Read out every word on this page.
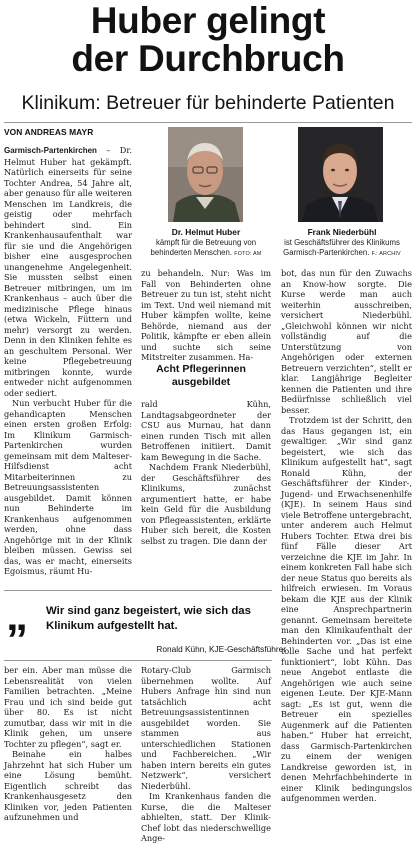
Huber gelingt
der Durchbruch
Klinikum: Betreuer für behinderte Patienten
VON ANDREAS MAYR

Garmisch-Partenkirchen – Dr. Helmut Huber hat gekämpft. Natürlich einerseits für seine Tochter Andrea, 54 Jahre alt, aber genauso für alle weiteren Menschen im Landkreis, die geistig oder mehrfach behindert sind. Ein Krankenhausaufenthalt war für sie und die Angehörigen bisher eine ausgesprochen unangenehme Angelegenheit. Sie mussten selbst einen Betreuer mitbringen, um im Krankenhaus – auch über die medizinische Pflege hinaus (etwa Wickeln, Füttern und mehr) versorgt zu werden. Denn in den Kliniken fehlte es an geschultem Personal. Wer keine Pflegebetreuung mitbringen konnte, wurde entweder nicht aufgenommen oder sediert.

Nun verbucht Huber für die gehandicapten Menschen einen ersten großen Erfolg: Im Klinikum Garmisch-Partenkirchen wurden gemeinsam mit dem Malteser-Hilfsdienst acht Mitarbeiterinnen zu Betreuungsassistenten ausgebildet. Damit können nun Behinderte im Krankenhaus aufgenommen werden, ohne dass Angehörige mit in der Klinik bleiben müssen. Gewiss sei das, was er macht, einerseits Egoismus, räumt Hu-

Dr. Helmut Huber
kämpft für die Betreuung von
behinderten Menschen. FOTO: AM
Frank Niederbühl
ist Geschäftsführer des Klinikums
Garmisch-Partenkirchen. F.: ARCHIV

zu behandeln. Nur: Was im Fall von Behinderten ohne Betreuer zu tun ist, steht nicht im Text. Und weil niemand mit Huber kämpfen wollte, keine Behörde, niemand aus der Politik, kämpfte er eben allein und suchte sich seine Mitstreiter zusammen. Ha-

Acht Pflegerinnen ausgebildet

rald Kühn, Landtagsabgeordneter der CSU aus Murnau, hat dann einen runden Tisch mit allen Betroffenen initiiert. Damit kam Bewegung in die Sache.

Nachdem Frank Niederbühl, der Geschäftsführer des Klinikums, zunächst argumentiert hatte, er habe kein Geld für die Ausbildung von Pflegeassistenten, erklärte Huber sich bereit, die Kosten selbst zu tragen. Die dann der

bot, das nun für den Zuwachs an Know-how sorgte. Die Kurse werde man auch weiterhin ausschreiben, versichert Niederbühl. „Gleichwohl können wir nicht vollständig auf die Unterstützung von Angehörigen oder externen Betreuern verzichten“, stellt er klar. Langjährige Begleiter kennen die Patienten und ihre Bedürfnisse schließlich viel besser.

Trotzdem ist der Schritt, den das Haus gegangen ist, ein gewaltiger. „Wir sind ganz begeistert, wie sich das Klinikum aufgestellt hat“, sagt Ronald Kühn, der Geschäftsführer der Kinder-, Jugend- und Erwachsenenhilfe (KJE). In seinem Haus sind viele Betroffene untergebracht, unter anderem auch Helmut Hubers Tochter. Etwa drei bis fünf Fälle dieser Art verzeichne die KJE im Jahr. In einem konkreten Fall habe sich der neue Status quo bereits als hilfreich erwiesen. Im Voraus bekam die KJE aus der Klinik eine Ansprechpartnerin genannt. Gemeinsam bereitete man den Klinikaufenthalt der Behinderten vor. „Das ist eine tolle Sache und hat perfekt funktioniert“, lobt Kühn. Das neue Angebot entlaste die Angehörigen wie auch seine eigenen Leute. Der KJE-Mann sagt: „Es ist gut, wenn die Betreuer ein spezielles Augenmerk auf die Patienten haben.“ Huber hat erreicht, dass Garmisch-Partenkirchen zu einem der wenigen Landkreise geworden ist, in denen Mehrfachbehinderte in einer Klinik bedingungslos aufgenommen werden.

„ Wir sind ganz begeistert, wie sich das Klinikum aufgestellt hat.
Ronald Kühn, KJE-Geschäftsführer

ber ein. Aber man müsse die Lebensrealität von vielen Familien betrachten. „Meine Frau und ich sind beide gut über 80. Es ist nicht zumutbar, dass wir mit in die Klinik gehen, um unsere Tochter zu pflegen“, sagt er.

Beinahe ein halbes Jahrzehnt hat sich Huber um eine Lösung bemüht. Eigentlich schreibt das Krankenhausgesetz den Kliniken vor, jeden Patienten aufzunehmen und

Rotary-Club Garmisch übernehmen wollte. Auf Hubers Anfrage hin sind nun tatsächlich acht Betreuungsassistentinnen ausgebildet worden. Sie stammen aus unterschiedlichen Stationen und Fachbereichen. „Wir haben intern bereits ein gutes Netzwerk“, versichert Niederbühl.

Im Krankenhaus fanden die Kurse, die die Malteser abhielten, statt. Der Klinik-Chef lobt das niederschwellige Ange-
